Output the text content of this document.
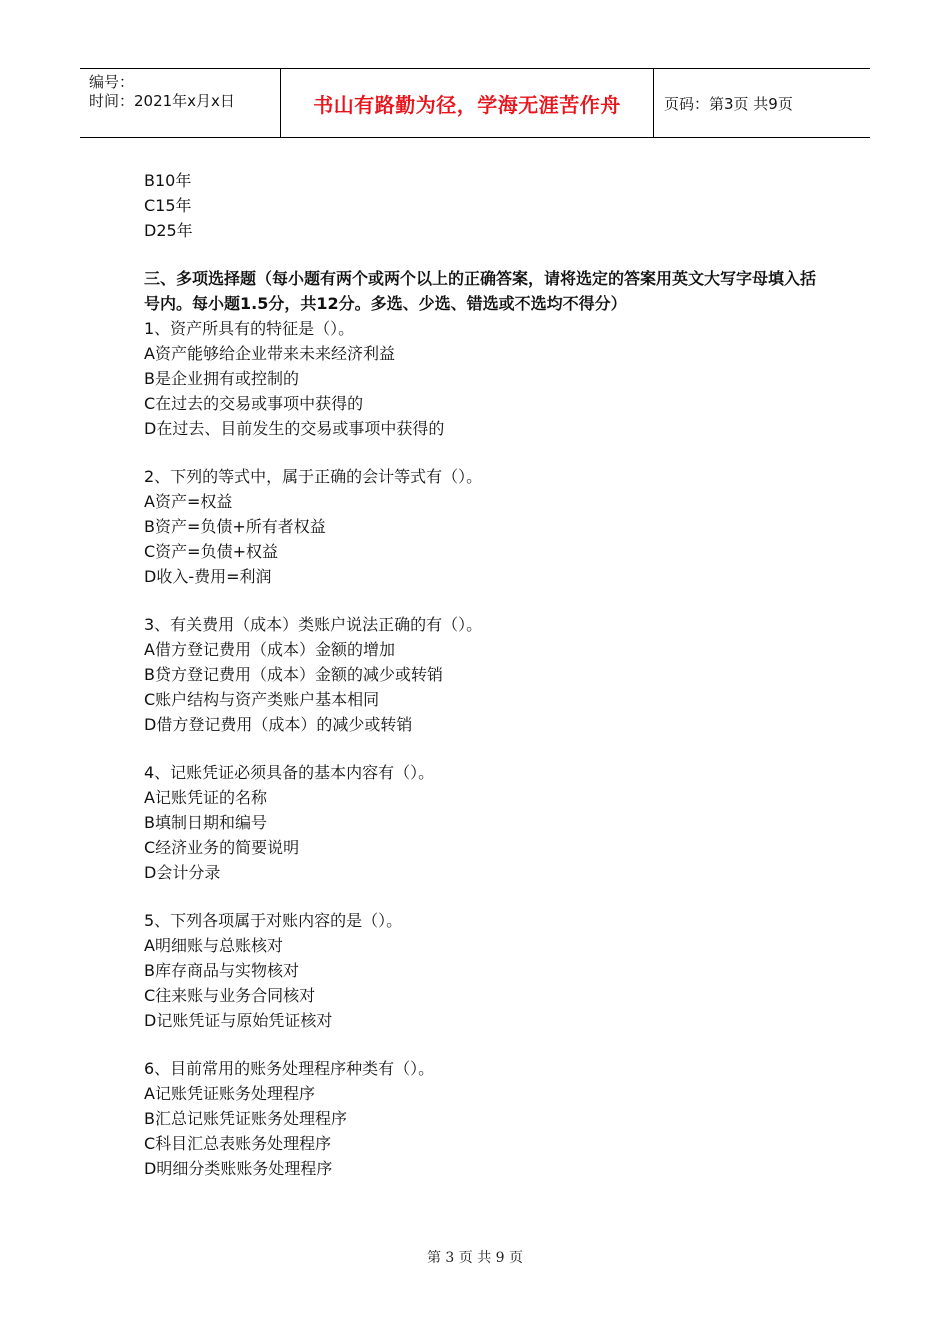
编号：
时间：2021年x月x日	书山有路勤为径，学海无涯苦作舟	页码：第3页 共9页

B10年

C15年

D25年

三、多项选择题（每小题有两个或两个以上的正确答案，请将选定的答案用英文大写字母填入括号内。每小题1.5分，共12分。多选、少选、错选或不选均不得分）

1、资产所具有的特征是（）。

A资产能够给企业带来未来经济利益

B是企业拥有或控制的

C在过去的交易或事项中获得的

D在过去、目前发生的交易或事项中获得的

2、下列的等式中，属于正确的会计等式有（）。

A资产=权益

B资产=负债+所有者权益

C资产=负债+权益

D收入-费用=利润

3、有关费用（成本）类账户说法正确的有（）。

A借方登记费用（成本）金额的增加

B贷方登记费用（成本）金额的减少或转销

C账户结构与资产类账户基本相同

D借方登记费用（成本）的减少或转销

4、记账凭证必须具备的基本内容有（）。

A记账凭证的名称

B填制日期和编号

C经济业务的简要说明

D会计分录

5、下列各项属于对账内容的是（）。

A明细账与总账核对

B库存商品与实物核对

C往来账与业务合同核对

D记账凭证与原始凭证核对

6、目前常用的账务处理程序种类有（）。

A记账凭证账务处理程序

B汇总记账凭证账务处理程序

C科目汇总表账务处理程序

D明细分类账账务处理程序

第 3 页 共 9 页
